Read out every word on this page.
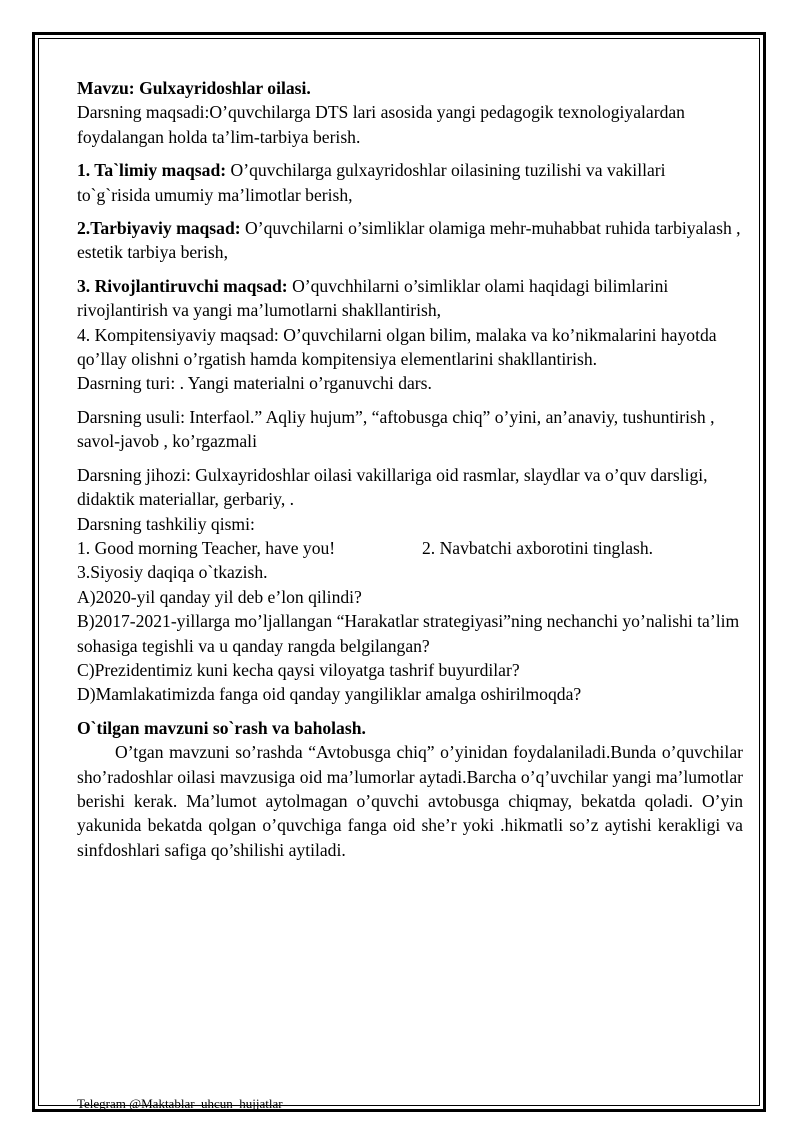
Mavzu: Gulxayridoshlar oilasi.

Darsning maqsadi:O’quvchilarga DTS lari asosida yangi pedagogik texnologiyalardan foydalangan holda ta’lim-tarbiya berish.

1. Ta`limiy maqsad: O’quvchilarga gulxayridoshlar oilasining tuzilishi va vakillari to`g`risida umumiy ma’limotlar berish,

2.Tarbiyaviy maqsad: O’quvchilarni o’simliklar olamiga mehr-muhabbat ruhida tarbiyalash , estetik tarbiya berish,

3. Rivojlantiruvchi maqsad: O’quvchhilarni o’simliklar olami haqidagi bilimlarini rivojlantirish va yangi ma’lumotlarni shakllantirish,

4. Kompitensiyaviy maqsad: O’quvchilarni olgan bilim, malaka va ko’nikmalarini hayotda qo’llay olishni o’rgatish hamda kompitensiya elementlarini shakllantirish.

Dasrning turi: . Yangi materialni o’rganuvchi dars.

Darsning usuli: Interfaol.” Aqliy hujum”, “aftobusga chiq” o’yini, an’anaviy, tushuntirish , savol-javob , ko’rgazmali

Darsning jihozi: Gulxayridoshlar oilasi vakillariga oid rasmlar, slaydlar va o’quv darsligi, didaktik materiallar, gerbariy, .

Darsning tashkiliy qismi:

1. Good morning Teacher, have you!	2. Navbatchi axborotini tinglash.

3.Siyosiy daqiqa o`tkazish.

A)2020-yil qanday yil deb e’lon qilindi?

B)2017-2021-yillarga mo’ljallangan “Harakatlar strategiyasi”ning nechanchi yo’nalishi ta’lim sohasiga tegishli va u qanday rangda belgilangan?

C)Prezidentimiz kuni kecha qaysi viloyatga tashrif buyurdilar?

D)Mamlakatimizda fanga oid qanday yangiliklar amalga oshirilmoqda?

O`tilgan mavzuni so`rash va baholash.

O’tgan mavzuni so’rashda “Avtobusga chiq” o’yinidan foydalaniladi.Bunda o’quvchilar sho’radoshlar oilasi mavzusiga oid ma’lumorlar aytadi.Barcha o’q’uvchilar yangi ma’lumotlar berishi kerak. Ma’lumot aytolmagan o’quvchi avtobusga chiqmay, bekatda qoladi. O’yin yakunida bekatda qolgan o’quvchiga fanga oid she’r yoki .hikmatli so’z aytishi kerakligi va sinfdoshlari safiga qo’shilishi aytiladi.

Telegram @Maktablar_uhcun_hujjatlar
